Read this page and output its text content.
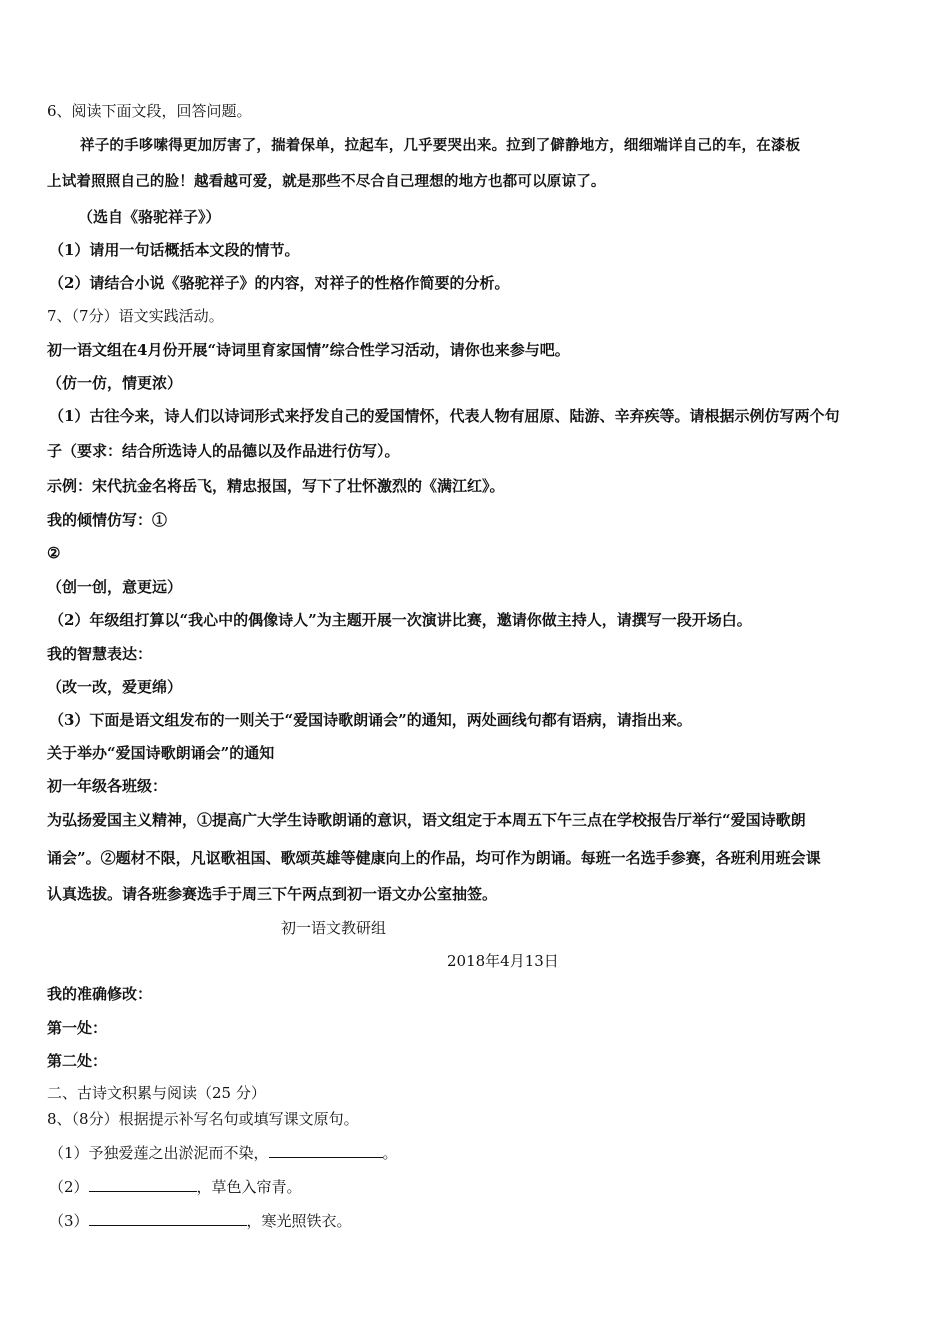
6、阅读下面文段，回答问题。
祥子的手哆嗦得更加厉害了，揣着保单，拉起车，几乎要哭出来。拉到了僻静地方，细细端详自己的车，在漆板
上试着照照自己的脸！越看越可爱，就是那些不尽合自己理想的地方也都可以原谅了。
（选自《骆驼祥子》）
（1）请用一句话概括本文段的情节。
（2）请结合小说《骆驼祥子》的内容，对祥子的性格作简要的分析。
7、（7分）语文实践活动。
初一语文组在4月份开展“诗词里育家国情”综合性学习活动，请你也来参与吧。
（仿一仿，情更浓）
（1）古往今来，诗人们以诗词形式来抒发自己的爱国情怀，代表人物有屈原、陆游、辛弃疾等。请根据示例仿写两个句
子（要求：结合所选诗人的品德以及作品进行仿写）。
示例：宋代抗金名将岳飞，精忠报国，写下了壮怀激烈的《满江红》。
我的倾情仿写：①
②
（创一创，意更远）
（2）年级组打算以“我心中的偶像诗人”为主题开展一次演讲比赛，邀请你做主持人，请撰写一段开场白。
我的智慧表达：
（改一改，爱更绵）
（3）下面是语文组发布的一则关于“爱国诗歌朗诵会”的通知，两处画线句都有语病，请指出来。
关于举办“爱国诗歌朗诵会”的通知
初一年级各班级：
为弘扬爱国主义精神，①提高广大学生诗歌朗诵的意识，语文组定于本周五下午三点在学校报告厅举行“爱国诗歌朗
诵会”。②题材不限，凡讴歌祖国、歌颂英雄等健康向上的作品，均可作为朗诵。每班一名选手参赛，各班利用班会课
认真选拔。请各班参赛选手于周三下午两点到初一语文办公室抽签。
初一语文教研组
2018年4月13日
我的准确修改：
第一处：
第二处：
二、古诗文积累与阅读（25 分）
8、（8分）根据提示补写名句或填写课文原句。
（1）予独爱莲之出淤泥而不染，	。
（2）	，草色入帘青。
（3）	，寒光照铁衣。
